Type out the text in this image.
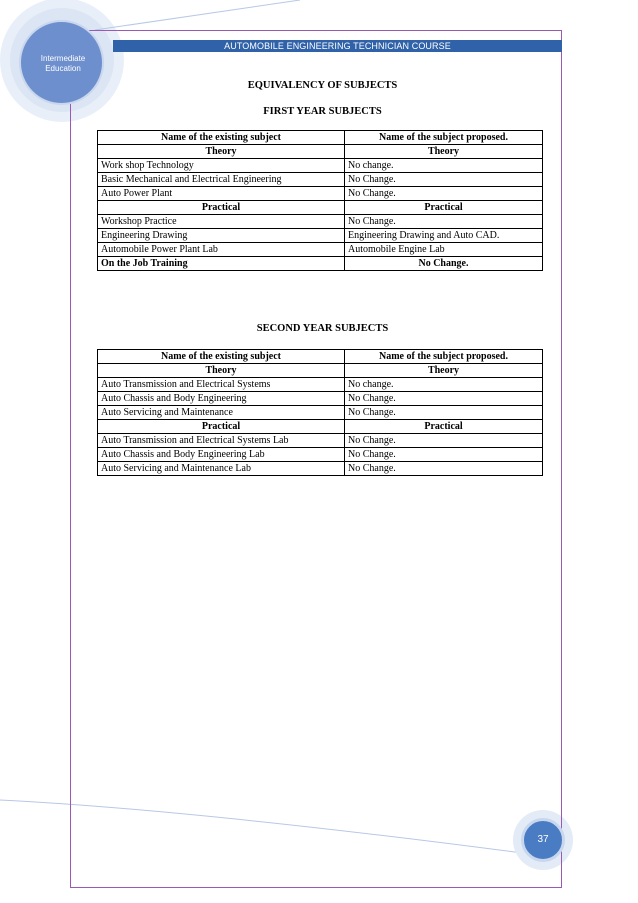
Intermediate
Education
AUTOMOBILE ENGINEERING TECHNICIAN COURSE
EQUIVALENCY OF SUBJECTS
FIRST YEAR SUBJECTS
Name of the existing subject	Name of the subject proposed.
Theory	Theory
Work shop Technology	No change.
Basic Mechanical and Electrical Engineering	No Change.
Auto Power Plant	No Change.
Practical	Practical
Workshop Practice	No Change.
Engineering Drawing	Engineering Drawing and Auto CAD.
Automobile Power Plant Lab	Automobile Engine Lab
On the Job Training	No Change.
SECOND YEAR SUBJECTS
Name of the existing subject	Name of the subject proposed.
Theory	Theory
Auto Transmission and Electrical Systems	No change.
Auto Chassis and Body Engineering	No Change.
Auto Servicing and Maintenance	No Change.
Practical	Practical
Auto Transmission and Electrical Systems Lab	No Change.
Auto Chassis and Body Engineering Lab	No Change.
Auto Servicing and Maintenance Lab	No Change.
37
